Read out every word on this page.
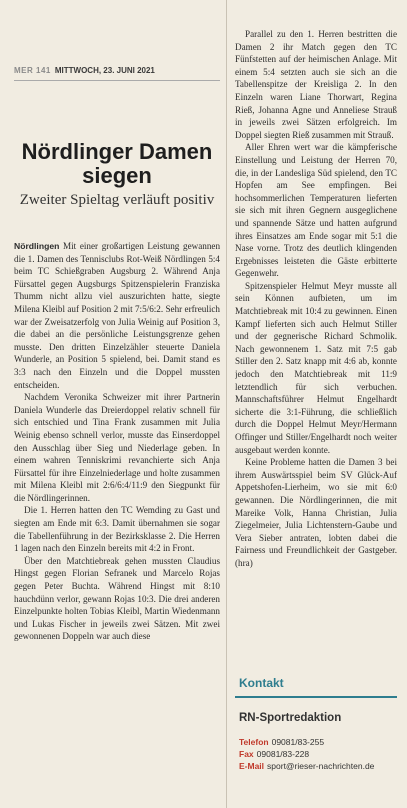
MER 141 MITTWOCH, 23. JUNI 2021
Nördlinger Damen siegen
Zweiter Spieltag verläuft positiv

Nördlingen Mit einer großartigen Leistung gewannen die 1. Damen des Tennisclubs Rot-Weiß Nördlingen 5:4 beim TC Schießgraben Augsburg 2. Während Anja Fürsattel gegen Augsburgs Spitzenspielerin Franziska Thumm nicht allzu viel auszurichten hatte, siegte Milena Kleibl auf Position 2 mit 7:5/6:2. Sehr erfreulich war der Zweisatzerfolg von Julia Weinig auf Position 3, die dabei an die persönliche Leistungsgrenze gehen musste. Den dritten Einzelzähler steuerte Daniela Wunderle, an Position 5 spielend, bei. Damit stand es 3:3 nach den Einzeln und die Doppel mussten entscheiden.

Nachdem Veronika Schweizer mit ihrer Partnerin Daniela Wunderle das Dreierdoppel relativ schnell für sich entschied und Tina Frank zusammen mit Julia Weinig ebenso schnell verlor, musste das Einserdoppel den Ausschlag über Sieg und Niederlage geben. In einem wahren Tenniskrimi revanchierte sich Anja Fürsattel für ihre Einzelniederlage und holte zusammen mit Milena Kleibl mit 2:6/6:4/11:9 den Siegpunkt für die Nördlingerinnen.

Die 1. Herren hatten den TC Wemding zu Gast und siegten am Ende mit 6:3. Damit übernahmen sie sogar die Tabellenführung in der Bezirksklasse 2. Die Herren 1 lagen nach den Einzeln bereits mit 4:2 in Front.

Über den Matchtiebreak gehen mussten Claudius Hingst gegen Florian Sefranek und Marcelo Rojas gegen Peter Buchta. Während Hingst mit 8:10 hauchdünn verlor, gewann Rojas 10:3. Die drei anderen Einzelpunkte holten Tobias Kleibl, Martin Wiedenmann und Lukas Fischer in jeweils zwei Sätzen. Mit zwei gewonnenen Doppeln war auch diese

Parallel zu den 1. Herren bestritten die Damen 2 ihr Match gegen den TC Fünfstetten auf der heimischen Anlage. Mit einem 5:4 setzten auch sie sich an die Tabellenspitze der Kreisliga 2. In den Einzeln waren Liane Thorwart, Regina Rieß, Johanna Agne und Anneliese Strauß in jeweils zwei Sätzen erfolgreich. Im Doppel siegten Rieß zusammen mit Strauß.

Aller Ehren wert war die kämpferische Einstellung und Leistung der Herren 70, die, in der Landesliga Süd spielend, den TC Hopfen am See empfingen. Bei hochsommerlichen Temperaturen lieferten sie sich mit ihren Gegnern ausgeglichene und spannende Sätze und hatten aufgrund ihres Einsatzes am Ende sogar mit 5:1 die Nase vorne. Trotz des deutlich klingenden Ergebnisses leisteten die Gäste erbitterte Gegenwehr.

Spitzenspieler Helmut Meyr musste all sein Können aufbieten, um im Matchtiebreak mit 10:4 zu gewinnen. Einen Kampf lieferten sich auch Helmut Stiller und der gegnerische Richard Schmolik. Nach gewonnenem 1. Satz mit 7:5 gab Stiller den 2. Satz knapp mit 4:6 ab, konnte jedoch den Matchtiebreak mit 11:9 letztendlich für sich verbuchen. Mannschaftsführer Helmut Engelhardt sicherte die 3:1-Führung, die schließlich durch die Doppel Helmut Meyr/Hermann Offinger und Stiller/Engelhardt noch weiter ausgebaut werden konnte.

Keine Probleme hatten die Damen 3 bei ihrem Auswärtsspiel beim SV Glück-Auf Appetshofen-Lierheim, wo sie mit 6:0 gewannen. Die Nördlingerinnen, die mit Mareike Volk, Hanna Christian, Julia Ziegelmeier, Julia Lichtenstern-Gaube und Vera Sieber antraten, lobten dabei die Fairness und Freundlichkeit der Gastgeber. (hra)

Kontakt
RN-Sportredaktion
Telefon 09081/83-255
Fax 09081/83-228
E-Mail sport@rieser-nachrichten.de
